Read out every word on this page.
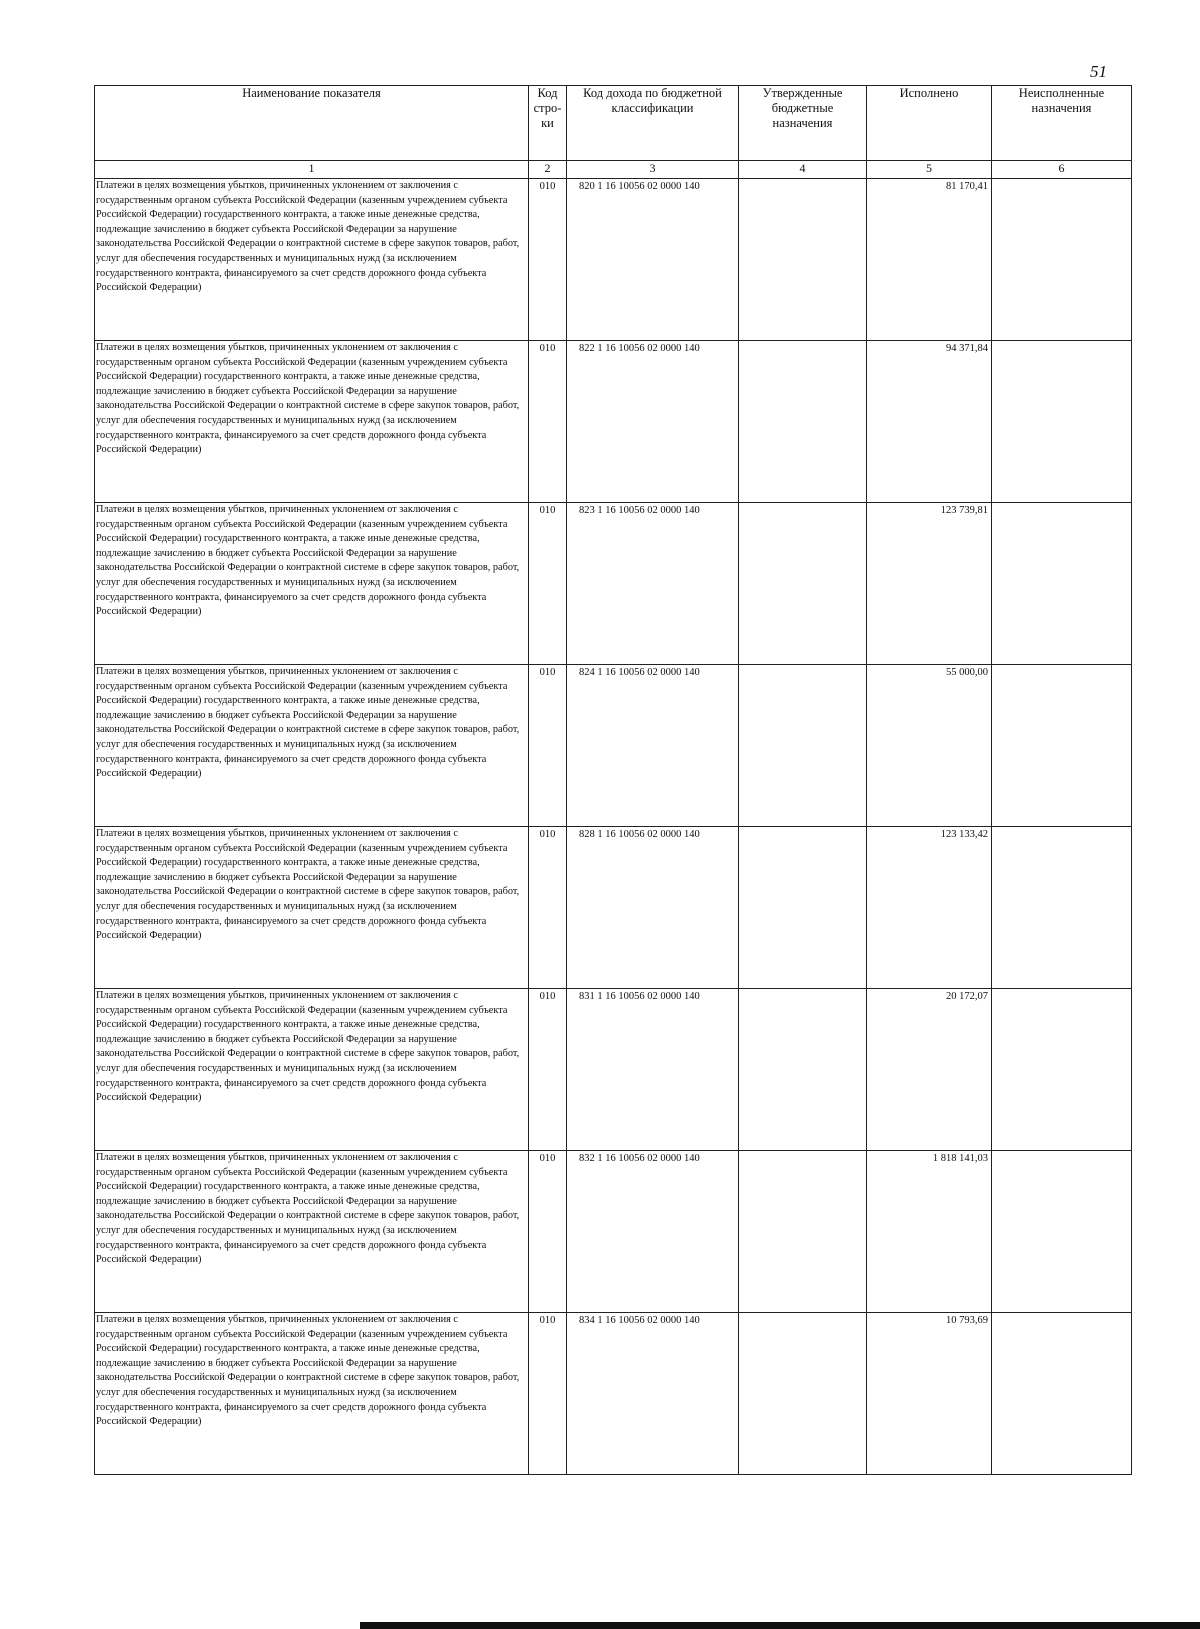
51
Наименование показателя	Код стро-ки	Код дохода по бюджетной классификации	Утвержденные бюджетные назначения	Исполнено	Неисполненные назначения
1	2	3	4	5	6
Платежи в целях возмещения убытков, причиненных уклонением от заключения с государственным органом субъекта Российской Федерации (казенным учреждением субъекта Российской Федерации) государственного контракта, а также иные денежные средства, подлежащие зачислению в бюджет субъекта Российской Федерации за нарушение законодательства Российской Федерации о контрактной системе в сфере закупок товаров, работ, услуг для обеспечения государственных и муниципальных нужд (за исключением государственного контракта, финансируемого за счет средств дорожного фонда субъекта Российской Федерации)	010	820 1 16 10056 02 0000 140		81 170,41	
Платежи в целях возмещения убытков, причиненных уклонением от заключения с государственным органом субъекта Российской Федерации (казенным учреждением субъекта Российской Федерации) государственного контракта, а также иные денежные средства, подлежащие зачислению в бюджет субъекта Российской Федерации за нарушение законодательства Российской Федерации о контрактной системе в сфере закупок товаров, работ, услуг для обеспечения государственных и муниципальных нужд (за исключением государственного контракта, финансируемого за счет средств дорожного фонда субъекта Российской Федерации)	010	822 1 16 10056 02 0000 140		94 371,84	
Платежи в целях возмещения убытков, причиненных уклонением от заключения с государственным органом субъекта Российской Федерации (казенным учреждением субъекта Российской Федерации) государственного контракта, а также иные денежные средства, подлежащие зачислению в бюджет субъекта Российской Федерации за нарушение законодательства Российской Федерации о контрактной системе в сфере закупок товаров, работ, услуг для обеспечения государственных и муниципальных нужд (за исключением государственного контракта, финансируемого за счет средств дорожного фонда субъекта Российской Федерации)	010	823 1 16 10056 02 0000 140		123 739,81	
Платежи в целях возмещения убытков, причиненных уклонением от заключения с государственным органом субъекта Российской Федерации (казенным учреждением субъекта Российской Федерации) государственного контракта, а также иные денежные средства, подлежащие зачислению в бюджет субъекта Российской Федерации за нарушение законодательства Российской Федерации о контрактной системе в сфере закупок товаров, работ, услуг для обеспечения государственных и муниципальных нужд (за исключением государственного контракта, финансируемого за счет средств дорожного фонда субъекта Российской Федерации)	010	824 1 16 10056 02 0000 140		55 000,00	
Платежи в целях возмещения убытков, причиненных уклонением от заключения с государственным органом субъекта Российской Федерации (казенным учреждением субъекта Российской Федерации) государственного контракта, а также иные денежные средства, подлежащие зачислению в бюджет субъекта Российской Федерации за нарушение законодательства Российской Федерации о контрактной системе в сфере закупок товаров, работ, услуг для обеспечения государственных и муниципальных нужд (за исключением государственного контракта, финансируемого за счет средств дорожного фонда субъекта Российской Федерации)	010	828 1 16 10056 02 0000 140		123 133,42	
Платежи в целях возмещения убытков, причиненных уклонением от заключения с государственным органом субъекта Российской Федерации (казенным учреждением субъекта Российской Федерации) государственного контракта, а также иные денежные средства, подлежащие зачислению в бюджет субъекта Российской Федерации за нарушение законодательства Российской Федерации о контрактной системе в сфере закупок товаров, работ, услуг для обеспечения государственных и муниципальных нужд (за исключением государственного контракта, финансируемого за счет средств дорожного фонда субъекта Российской Федерации)	010	831 1 16 10056 02 0000 140		20 172,07	
Платежи в целях возмещения убытков, причиненных уклонением от заключения с государственным органом субъекта Российской Федерации (казенным учреждением субъекта Российской Федерации) государственного контракта, а также иные денежные средства, подлежащие зачислению в бюджет субъекта Российской Федерации за нарушение законодательства Российской Федерации о контрактной системе в сфере закупок товаров, работ, услуг для обеспечения государственных и муниципальных нужд (за исключением государственного контракта, финансируемого за счет средств дорожного фонда субъекта Российской Федерации)	010	832 1 16 10056 02 0000 140		1 818 141,03	
Платежи в целях возмещения убытков, причиненных уклонением от заключения с государственным органом субъекта Российской Федерации (казенным учреждением субъекта Российской Федерации) государственного контракта, а также иные денежные средства, подлежащие зачислению в бюджет субъекта Российской Федерации за нарушение законодательства Российской Федерации о контрактной системе в сфере закупок товаров, работ, услуг для обеспечения государственных и муниципальных нужд (за исключением государственного контракта, финансируемого за счет средств дорожного фонда субъекта Российской Федерации)	010	834 1 16 10056 02 0000 140		10 793,69	
